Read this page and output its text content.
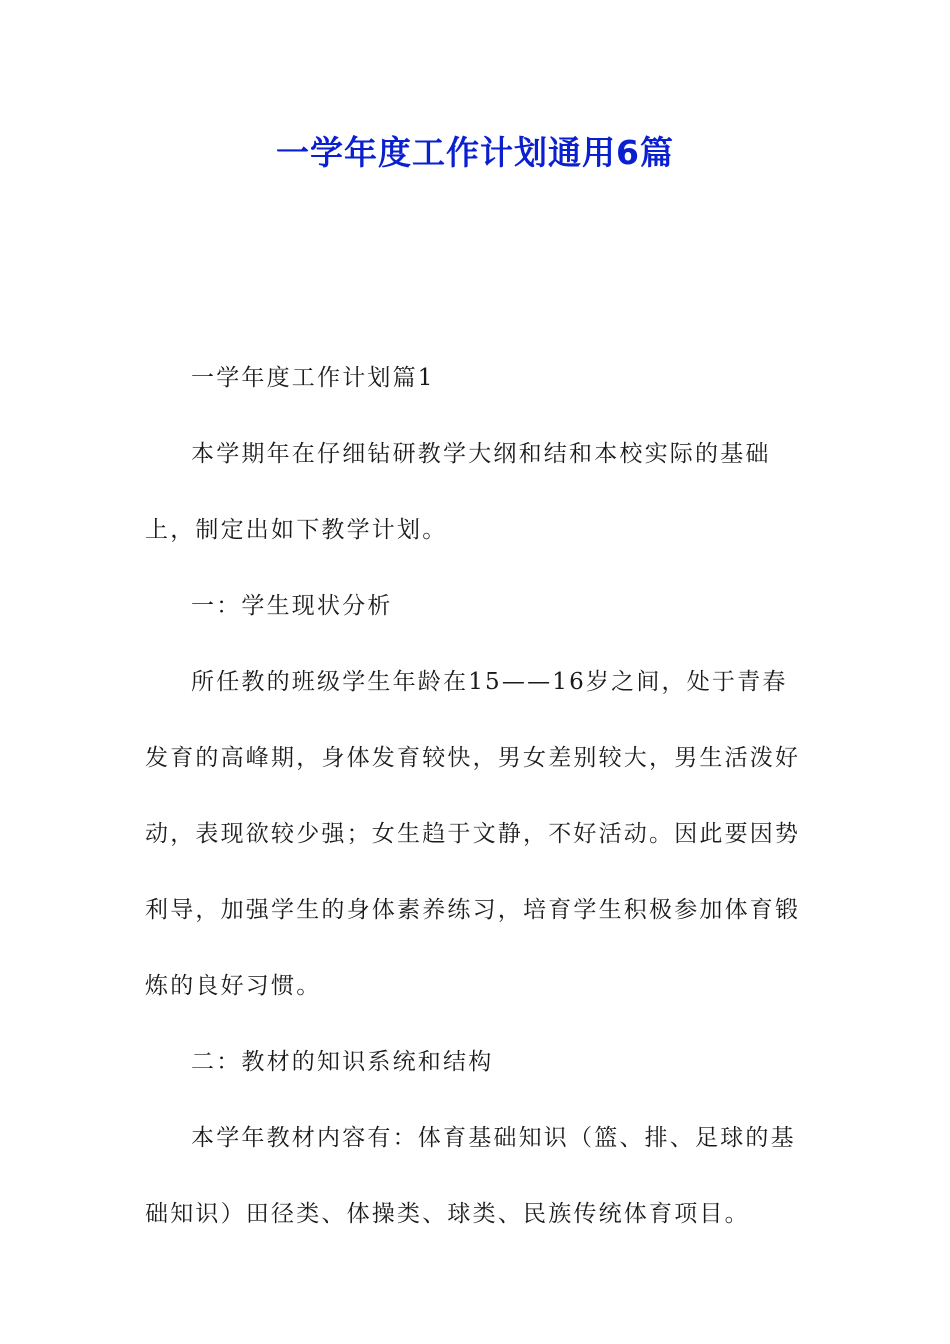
一学年度工作计划通用6篇

一学年度工作计划篇1

本学期年在仔细钻研教学大纲和结和本校实际的基础上，制定出如下教学计划。

一：学生现状分析

所任教的班级学生年龄在15——16岁之间，处于青春发育的高峰期，身体发育较快，男女差别较大，男生活泼好动，表现欲较少强；女生趋于文静，不好活动。因此要因势利导，加强学生的身体素养练习，培育学生积极参加体育锻炼的良好习惯。

二：教材的知识系统和结构

本学年教材内容有：体育基础知识（篮、排、足球的基础知识）田径类、体操类、球类、民族传统体育项目。
